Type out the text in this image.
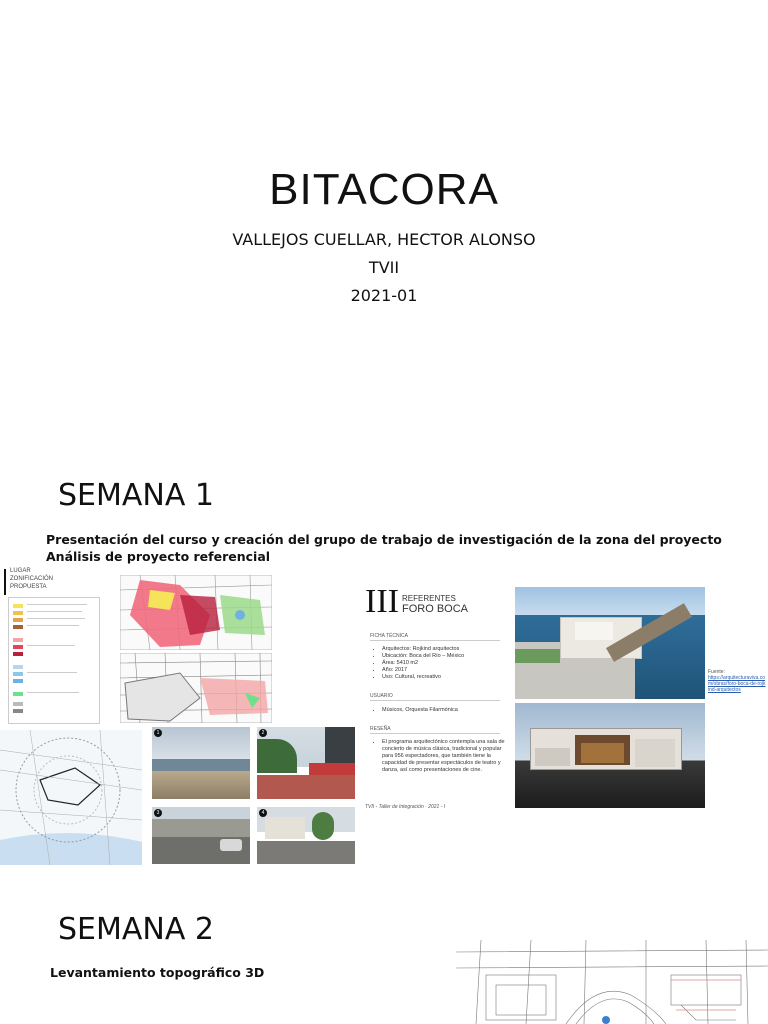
BITACORA
VALLEJOS CUELLAR, HECTOR ALONSO
TVII
2021-01
SEMANA 1
Presentación del curso y creación del grupo de trabajo de investigación de la zona del proyecto
Análisis de proyecto referencial
LUGAR
ZONIFICACIÓN
PROPUESTA
1	2
3	4
III REFERENTES
FORO BOCA
FICHA TÉCNICA
• Arquitectos: Rojkind arquitectos
• Ubicación: Boca del Río – México
• Área: 5410 m2
• Año: 2017
• Uso: Cultural, recreativo
USUARIO
• Músicos, Orquesta Filarmónica
RESEÑA
• El programa arquitectónico contempla una sala de concierto de música clásica, tradicional y popular para 956 espectadores, que también tiene la capacidad de presentar espectáculos de teatro y danza, así como presentaciones de cine.
TVII - Taller de Integración · 2021 - I
Fuente:
https://arquitecturaviva.com/obras/foro-boca-de-rojkind-arquitectos
SEMANA 2
Levantamiento topográfico 3D
